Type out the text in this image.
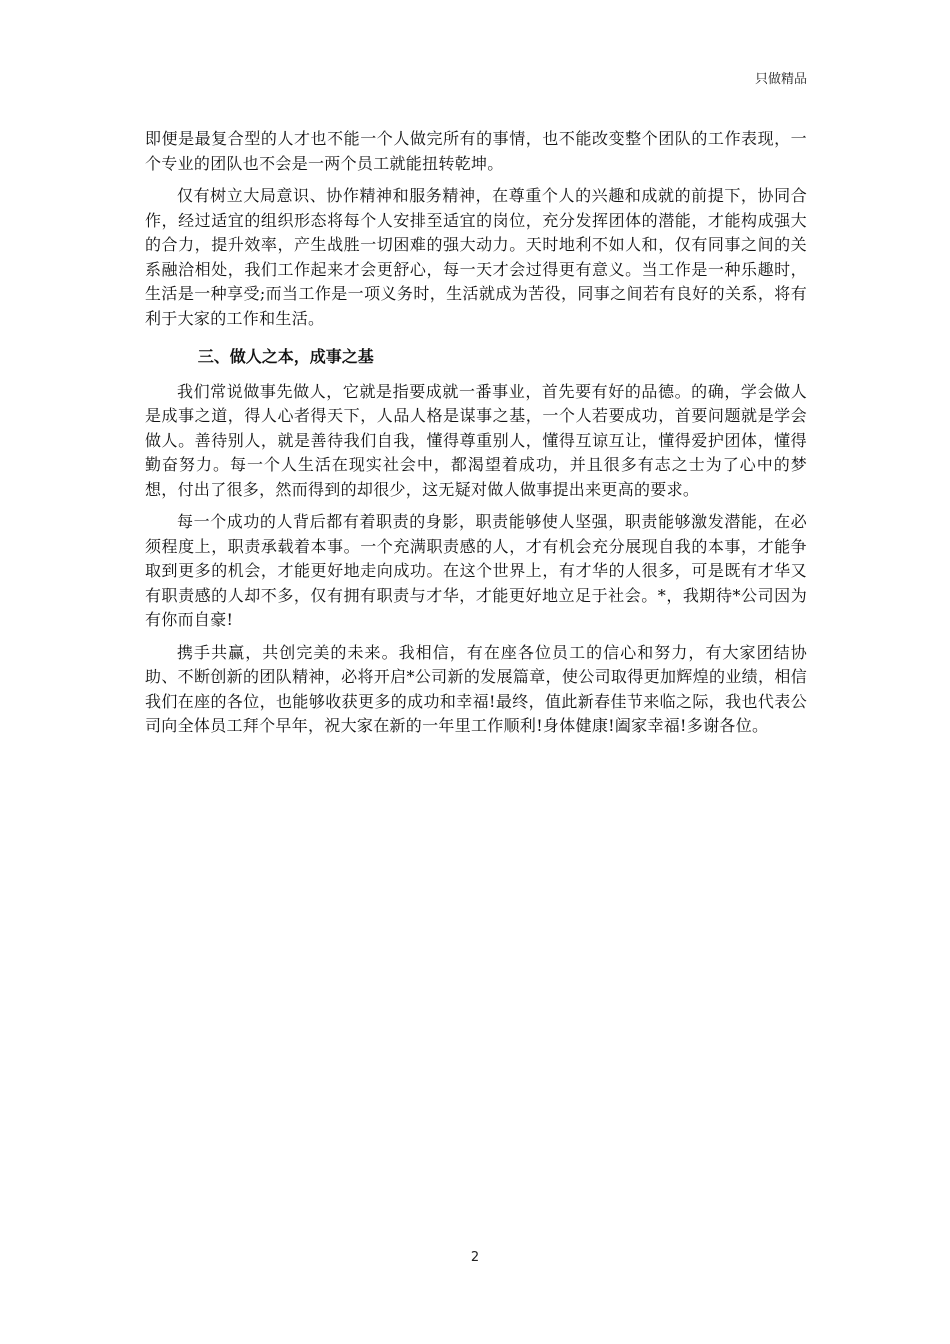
只做精品

即便是最复合型的人才也不能一个人做完所有的事情，也不能改变整个团队的工作表现，一个专业的团队也不会是一两个员工就能扭转乾坤。

仅有树立大局意识、协作精神和服务精神，在尊重个人的兴趣和成就的前提下，协同合作，经过适宜的组织形态将每个人安排至适宜的岗位，充分发挥团体的潜能，才能构成强大的合力，提升效率，产生战胜一切困难的强大动力。天时地利不如人和，仅有同事之间的关系融洽相处，我们工作起来才会更舒心，每一天才会过得更有意义。当工作是一种乐趣时，生活是一种享受;而当工作是一项义务时，生活就成为苦役，同事之间若有良好的关系，将有利于大家的工作和生活。

三、做人之本，成事之基

我们常说做事先做人，它就是指要成就一番事业，首先要有好的品德。的确，学会做人是成事之道，得人心者得天下，人品人格是谋事之基，一个人若要成功，首要问题就是学会做人。善待别人，就是善待我们自我，懂得尊重别人，懂得互谅互让，懂得爱护团体，懂得勤奋努力。每一个人生活在现实社会中，都渴望着成功，并且很多有志之士为了心中的梦想，付出了很多，然而得到的却很少，这无疑对做人做事提出来更高的要求。

每一个成功的人背后都有着职责的身影，职责能够使人坚强，职责能够激发潜能，在必须程度上，职责承载着本事。一个充满职责感的人，才有机会充分展现自我的本事，才能争取到更多的机会，才能更好地走向成功。在这个世界上，有才华的人很多，可是既有才华又有职责感的人却不多，仅有拥有职责与才华，才能更好地立足于社会。*，我期待*公司因为有你而自豪!

携手共赢，共创完美的未来。我相信，有在座各位员工的信心和努力，有大家团结协助、不断创新的团队精神，必将开启*公司新的发展篇章，使公司取得更加辉煌的业绩，相信我们在座的各位，也能够收获更多的成功和幸福!最终，值此新春佳节来临之际，我也代表公司向全体员工拜个早年，祝大家在新的一年里工作顺利!身体健康!阖家幸福!多谢各位。

2
